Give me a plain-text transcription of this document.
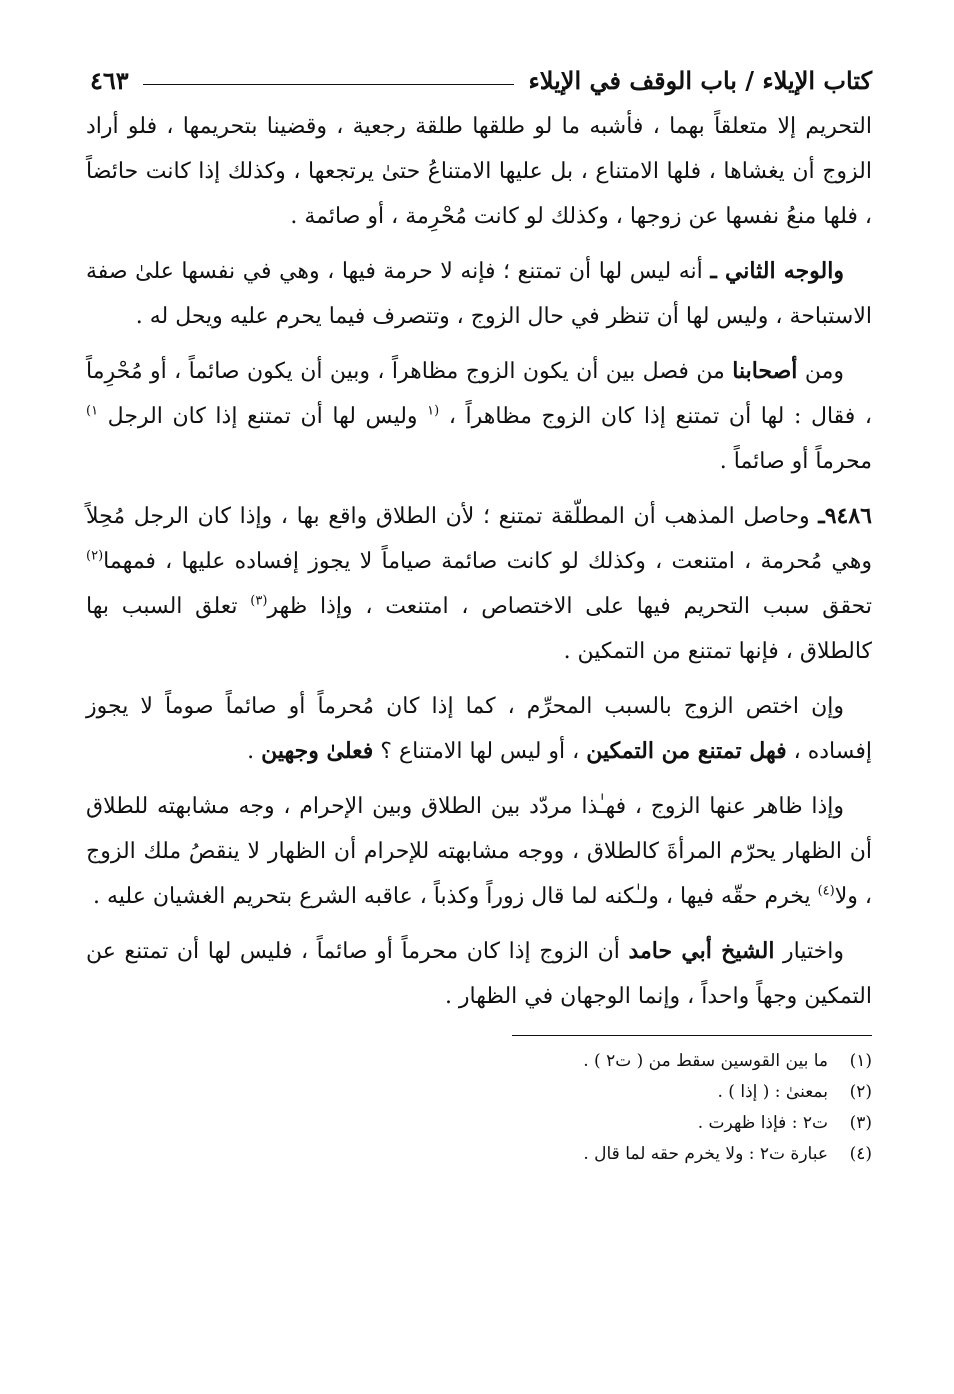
كتاب الإيلاء / باب الوقف في الإيلاء
٤٦٣

التحريم إلا متعلقاً بهما ، فأشبه ما لو طلقها طلقة رجعية ، وقضينا بتحريمها ، فلو أراد الزوج أن يغشاها ، فلها الامتناع ، بل عليها الامتناعُ حتىٰ يرتجعها ، وكذلك إذا كانت حائضاً ، فلها منعُ نفسها عن زوجها ، وكذلك لو كانت مُحْرِمة ، أو صائمة .

والوجه الثاني ـ أنه ليس لها أن تمتنع ؛ فإنه لا حرمة فيها ، وهي في نفسها علىٰ صفة الاستباحة ، وليس لها أن تنظر في حال الزوج ، وتتصرف فيما يحرم عليه ويحل له .

ومن أصحابنا من فصل بين أن يكون الزوج مظاهراً ، وبين أن يكون صائماً ، أو مُحْرِماً ، فقال : لها أن تمتنع إذا كان الزوج مظاهراً ، $^{(١}$ وليس لها أن تمتنع إذا كان الرجل $^{١)}$ محرماً أو صائماً .

٩٤٨٦ـ وحاصل المذهب أن المطلّقة تمتنع ؛ لأن الطلاق واقع بها ، وإذا كان الرجل مُحِلاً وهي مُحرمة ، امتنعت ، وكذلك لو كانت صائمة صياماً لا يجوز إفساده عليها ، فمهما$^{(٢)}$ تحقق سبب التحريم فيها على الاختصاص ، امتنعت ، وإذا ظهر$^{(٣)}$ تعلق السبب بها كالطلاق ، فإنها تمتنع من التمكين .

وإن اختص الزوج بالسبب المحرِّم ، كما إذا كان مُحرماً أو صائماً صوماً لا يجوز إفساده ، فهل تمتنع من التمكين ، أو ليس لها الامتناع ؟ فعلىٰ وجهين .

وإذا ظاهر عنها الزوج ، فهـٰذا مردّد بين الطلاق وبين الإحرام ، وجه مشابهته للطلاق أن الظهار يحرّم المرأةَ كالطلاق ، ووجه مشابهته للإحرام أن الظهار لا ينقصُ ملك الزوج ، ولا$^{(٤)}$ يخرم حقّه فيها ، ولـٰكنه لما قال زوراً وكذباً ، عاقبه الشرع بتحريم الغشيان عليه .

واختيار الشيخ أبي حامد أن الزوج إذا كان محرماً أو صائماً ، فليس لها أن تمتنع عن التمكين وجهاً واحداً ، وإنما الوجهان في الظهار .

(١)
ما بين القوسين سقط من ( ت٢ ) .
(٢)
بمعنىٰ : ( إذا ) .
(٣)
ت٢ : فإذا ظهرت .
(٤)
عبارة ت٢ : ولا يخرم حقه لما قال .
